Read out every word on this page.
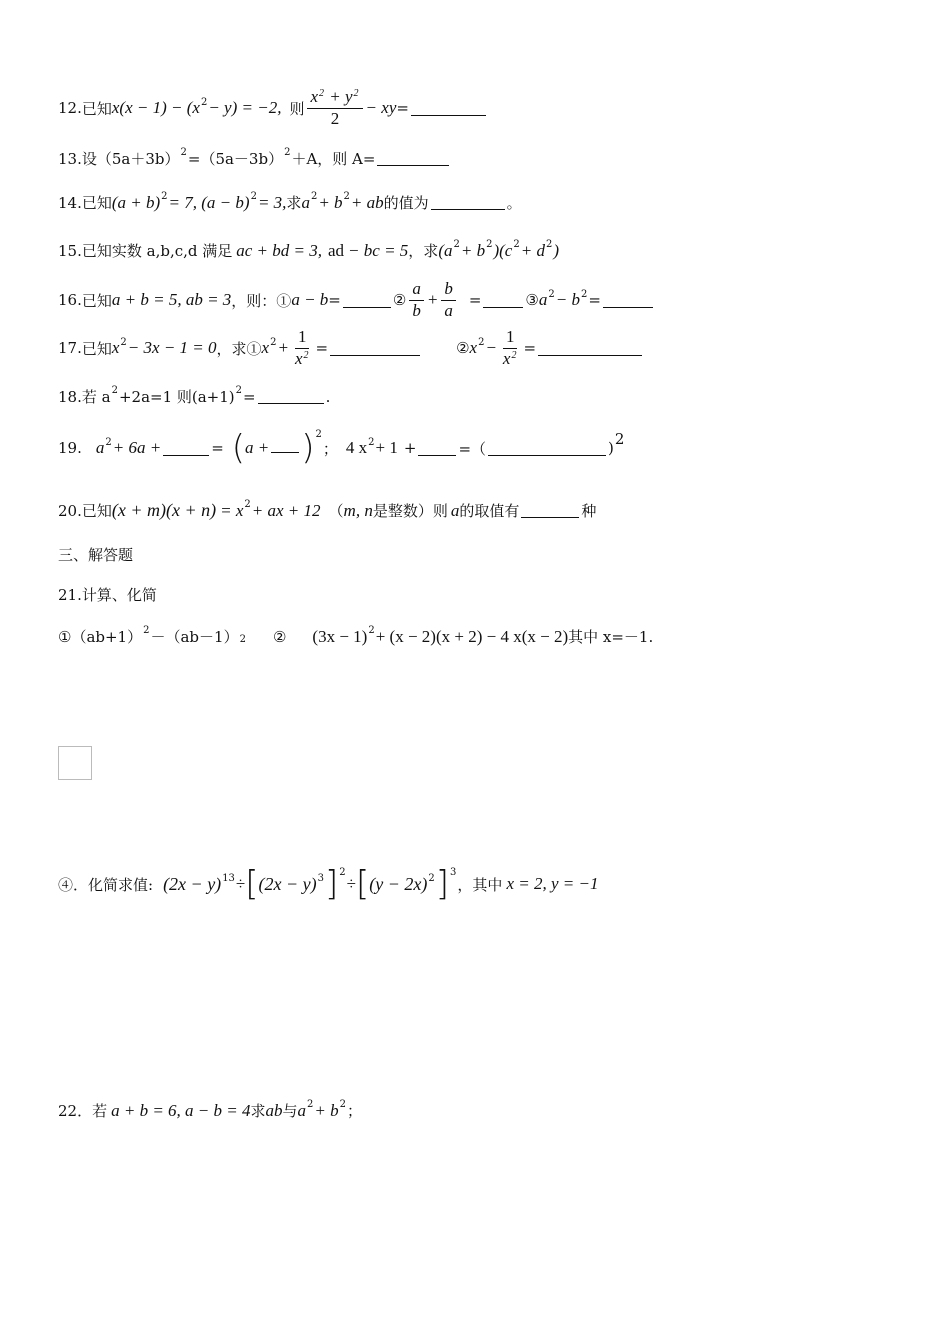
12. 已知 x(x − 1) − (x 2 − y) = −2, 则 $\frac{x^2 + y^2}{2}$ − xy =
13.设（5a＋3b） 2 =（5a－3b） 2 ＋A，则 A=
14. 已知 (a + b) 2 = 7, (a − b) 2 = 3, 求 a 2 + b 2 + ab 的值为	。
15. 已知实数 a,b,c,d 满足 ac + bd = 3, ad − bc = 5 ，求 (a 2 + b 2 )(c 2 + d 2 )
16. 已知 a + b = 5, ab = 3 ，则：① a − b =	② $\frac{a}{b} + \frac{b}{a}$ =	③ a 2 − b 2 =
17. 已知 x 2 − 3x − 1 = 0 ，求① x $2 + \frac{1}{x^2}$ =	② x $2 - \frac{1}{x^2}$ =
18.若 a 2 +2a=1 则(a+1) 2 =	.
19. a 2 + 6a +	= ( a + ) 2
； 4 x 2 + 1 +	=（	) 2
20. 已知 (x + m)(x + n) = x 2 + ax + 12 （ m, n 是整数）则 a 的取值有	种
三、解答题
21.计算、化简
①（ab+1） 2 －（ab－1） 2 ② (3x − 1) 2 + (x − 2)(x + 2) − 4 x(x − 2) 其中 x=－1.
④．化简求值: (2x − y) 13 ÷ [ (2x − y) 3 ] 2
÷ [ (y − 2x) 2 ] 3
，其中 x = 2, y = −1
22．若 a + b = 6, a − b = 4 求 ab 与 a 2 + b 2 ；
